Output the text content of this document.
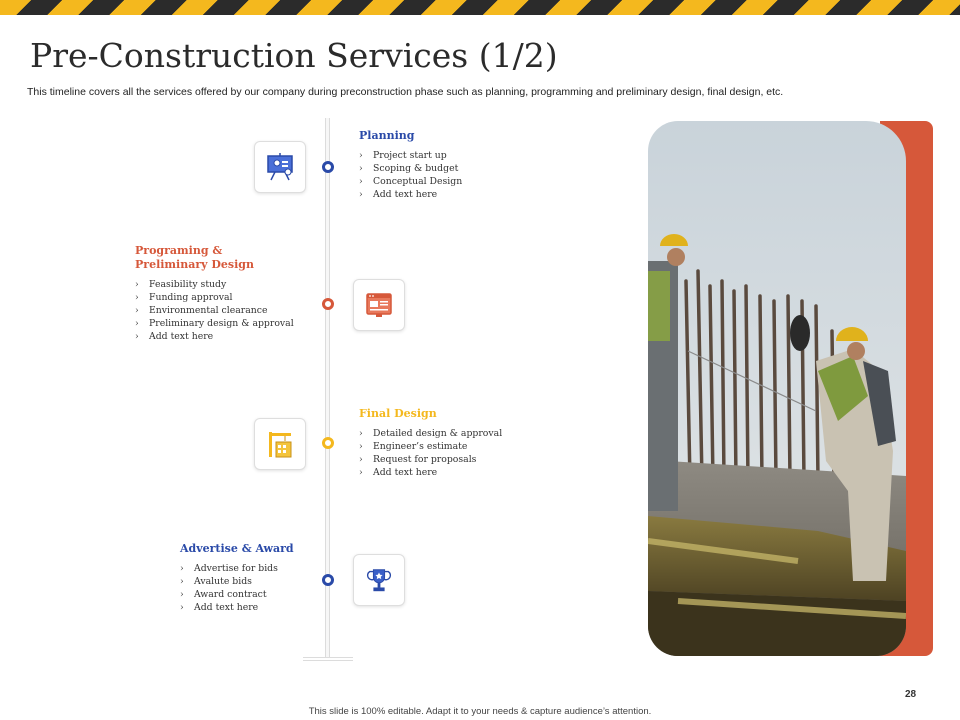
Pre-Construction Services (1/2)

This timeline covers all the services offered by our company during preconstruction phase such as planning, programming and preliminary design, final design, etc.

Planning
› Project start up
› Scoping & budget
› Conceptual Design
› Add text here
Programing &
Preliminary Design
› Feasibility study
› Funding approval
› Environmental clearance
› Preliminary design & approval
› Add text here
Final Design
› Detailed design & approval
› Engineer’s estimate
› Request for proposals
› Add text here
Advertise & Award
› Advertise for bids
› Avalute bids
› Award contract
› Add text here
28
This slide is 100% editable. Adapt it to your needs & capture audience’s attention.
